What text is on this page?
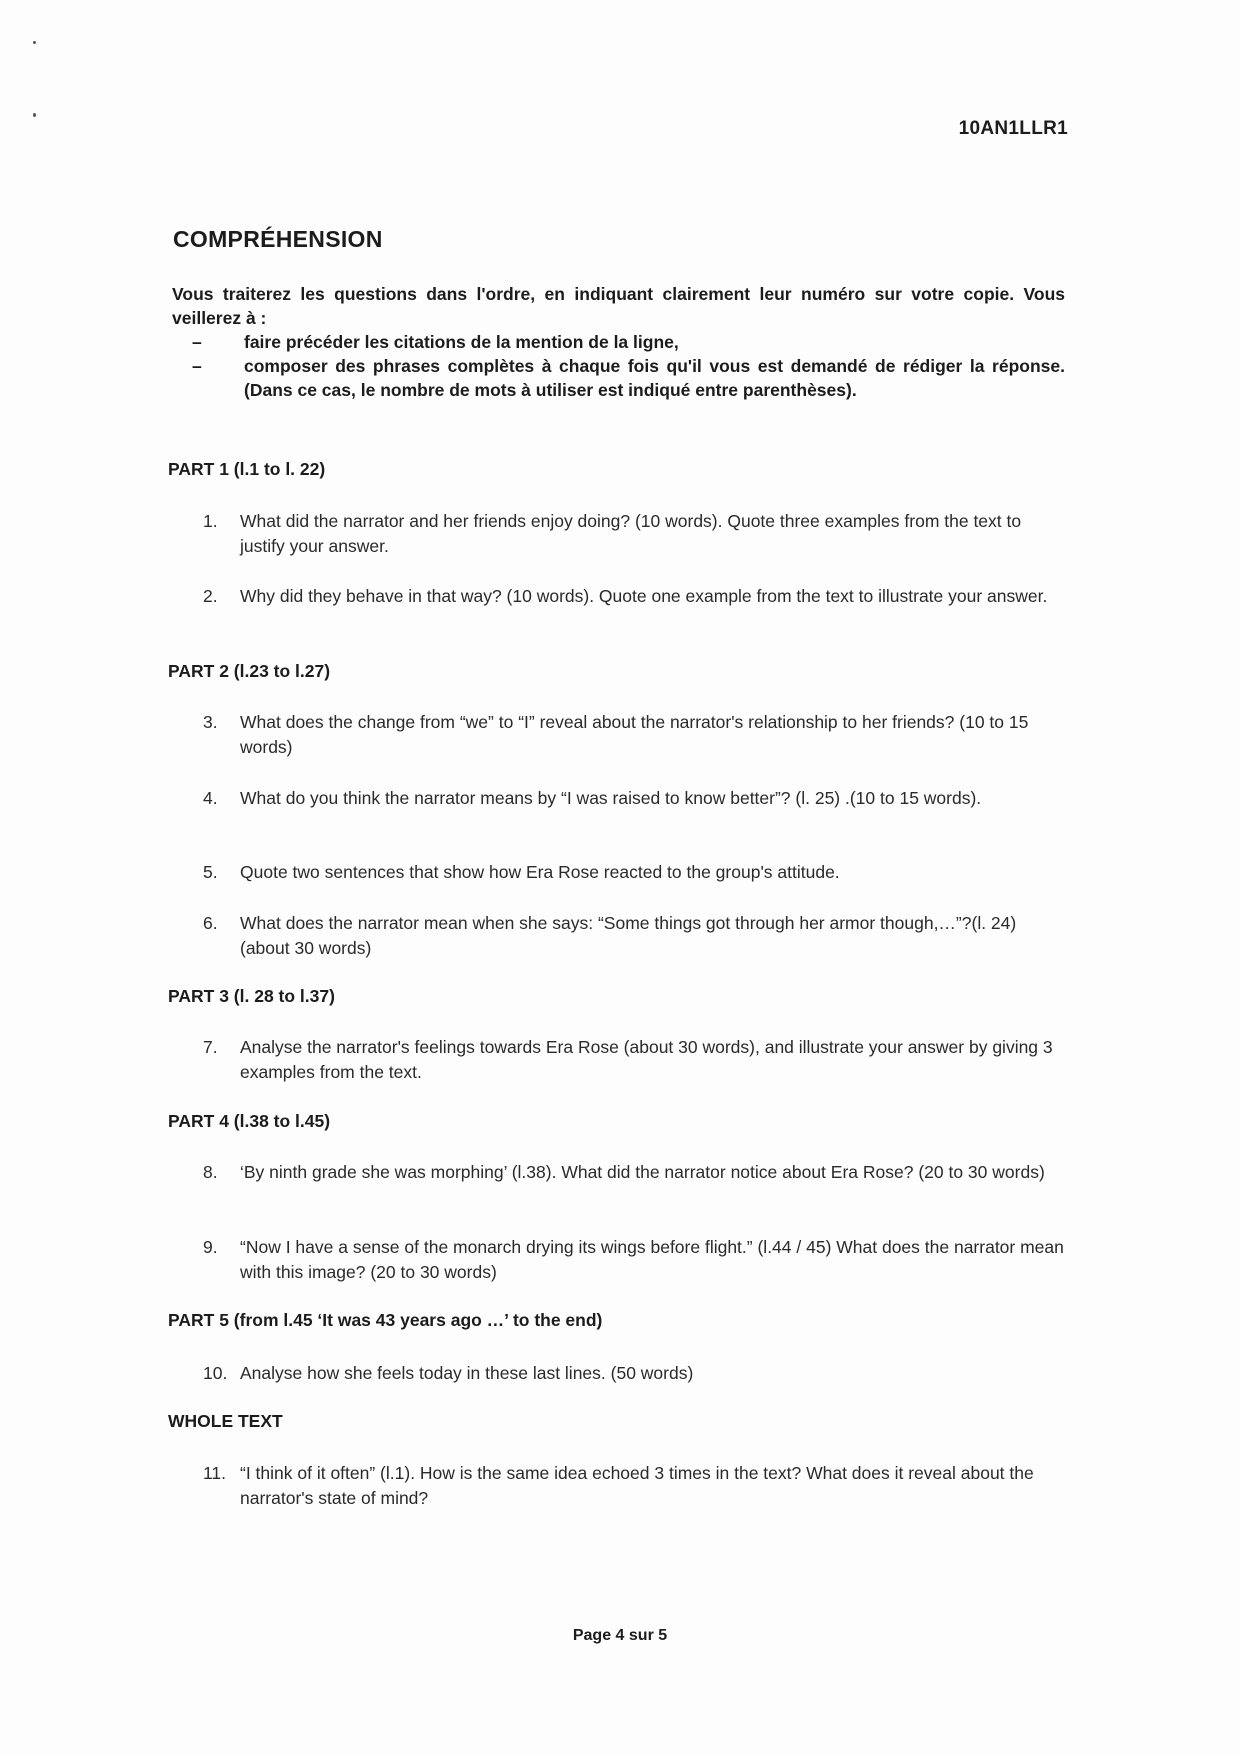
10AN1LLR1
COMPRÉHENSION
Vous traiterez les questions dans l'ordre, en indiquant clairement leur numéro sur votre copie. Vous veillerez à :
– faire précéder les citations de la mention de la ligne,
– composer des phrases complètes à chaque fois qu'il vous est demandé de rédiger la réponse. (Dans ce cas, le nombre de mots à utiliser est indiqué entre parenthèses).
PART 1 (l.1 to l. 22)
1. What did the narrator and her friends enjoy doing? (10 words). Quote three examples from the text to justify your answer.
2. Why did they behave in that way? (10 words). Quote one example from the text to illustrate your answer.
PART 2 (l.23 to l.27)
3. What does the change from “we” to “I” reveal about the narrator's relationship to her friends? (10 to 15 words)
4. What do you think the narrator means by “I was raised to know better”? (l. 25) .(10 to 15 words).
5. Quote two sentences that show how Era Rose reacted to the group's attitude.
6. What does the narrator mean when she says: “Some things got through her armor though,…”?(l. 24) (about 30 words)
PART 3 (l. 28 to l.37)
7. Analyse the narrator's feelings towards Era Rose (about 30 words), and illustrate your answer by giving 3 examples from the text.
PART 4 (l.38 to l.45)
8. ‘By ninth grade she was morphing’ (l.38). What did the narrator notice about Era Rose? (20 to 30 words)
9. “Now I have a sense of the monarch drying its wings before flight.” (l.44 / 45) What does the narrator mean with this image? (20 to 30 words)
PART 5 (from l.45 ‘It was 43 years ago …’ to the end)
10. Analyse how she feels today in these last lines. (50 words)
WHOLE TEXT
11. “I think of it often” (l.1). How is the same idea echoed 3 times in the text? What does it reveal about the narrator's state of mind?
Page 4 sur 5
